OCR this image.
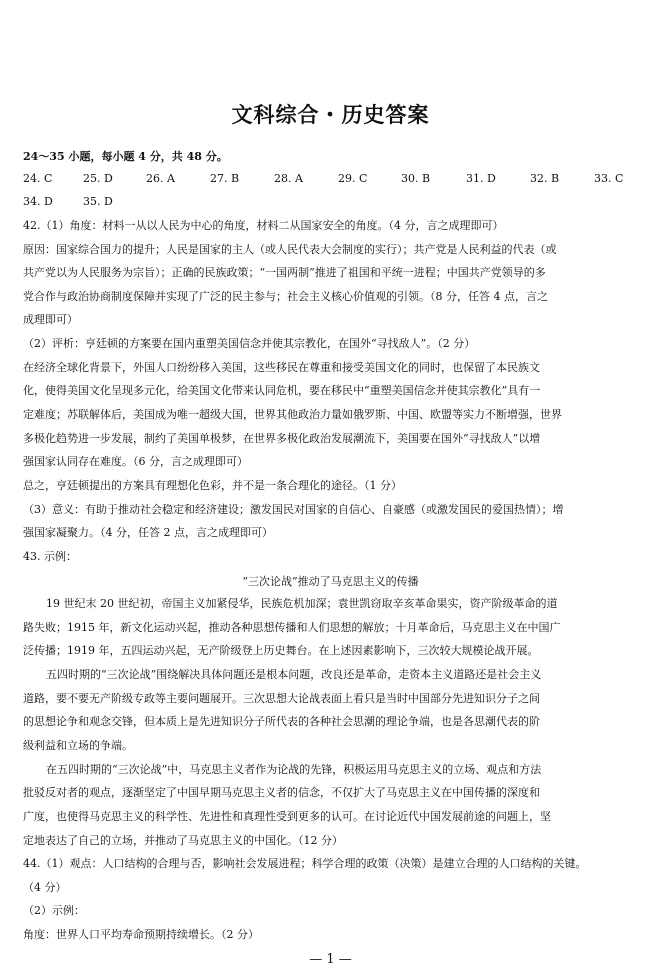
文科综合・历史答案
24～35 小题，每小题 4 分，共 48 分。
24. C	25. D	26. A	27. B	28. A	29. C	30. B	31. D	32. B	33. C
34. D	35. D
42.（1）角度：材料一从以人民为中心的角度，材料二从国家安全的角度。（4 分，言之成理即可）
原因：国家综合国力的提升；人民是国家的主人（或人民代表大会制度的实行）；共产党是人民利益的代表（或
共产党以为人民服务为宗旨）；正确的民族政策；“一国两制”推进了祖国和平统一进程；中国共产党领导的多
党合作与政治协商制度保障并实现了广泛的民主参与；社会主义核心价值观的引领。（8 分，任答 4 点，言之
成理即可）
（2）评析：亨廷顿的方案要在国内重塑美国信念并使其宗教化，在国外“寻找敌人”。（2 分）
在经济全球化背景下，外国人口纷纷移入美国，这些移民在尊重和接受美国文化的同时，也保留了本民族文
化，使得美国文化呈现多元化，给美国文化带来认同危机，要在移民中“重塑美国信念并使其宗教化”具有一
定难度；苏联解体后，美国成为唯一超级大国，世界其他政治力量如俄罗斯、中国、欧盟等实力不断增强，世界
多极化趋势进一步发展，制约了美国单极梦，在世界多极化政治发展潮流下，美国要在国外“寻找敌人”以增
强国家认同存在难度。（6 分，言之成理即可）
总之，亨廷顿提出的方案具有理想化色彩，并不是一条合理化的途径。（1 分）
（3）意义：有助于推动社会稳定和经济建设；激发国民对国家的自信心、自豪感（或激发国民的爱国热情）；增
强国家凝聚力。（4 分，任答 2 点，言之成理即可）
43. 示例：
“三次论战”推动了马克思主义的传播
19 世纪末 20 世纪初，帝国主义加紧侵华，民族危机加深；袁世凯窃取辛亥革命果实，资产阶级革命的道
路失败；1915 年，新文化运动兴起，推动各种思想传播和人们思想的解放；十月革命后，马克思主义在中国广
泛传播；1919 年，五四运动兴起，无产阶级登上历史舞台。在上述因素影响下，三次较大规模论战开展。
五四时期的“三次论战”围绕解决具体问题还是根本问题，改良还是革命，走资本主义道路还是社会主义
道路，要不要无产阶级专政等主要问题展开。三次思想大论战表面上看只是当时中国部分先进知识分子之间
的思想论争和观念交锋，但本质上是先进知识分子所代表的各种社会思潮的理论争端，也是各思潮代表的阶
级利益和立场的争端。
在五四时期的“三次论战”中，马克思主义者作为论战的先锋，积极运用马克思主义的立场、观点和方法
批驳反对者的观点，逐渐坚定了中国早期马克思主义者的信念，不仅扩大了马克思主义在中国传播的深度和
广度，也使得马克思主义的科学性、先进性和真理性受到更多的认可。在讨论近代中国发展前途的问题上，坚
定地表达了自己的立场，并推动了马克思主义的中国化。（12 分）
44.（1）观点：人口结构的合理与否，影响社会发展进程；科学合理的政策（决策）是建立合理的人口结构的关键。
（4 分）
（2）示例：
角度：世界人口平均寿命预期持续增长。（2 分）
— 1 —
